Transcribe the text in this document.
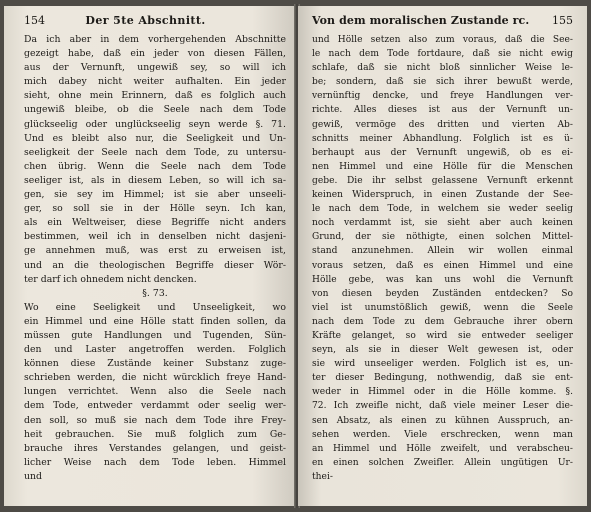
154	Der 5te Abschnitt.
Da ich aber in dem vorhergehenden Abschnitte
gezeigt habe, daß ein jeder von diesen Fällen,
aus der Vernunft, ungewiß sey, so will ich
mich dabey nicht weiter aufhalten. Ein jeder
sieht, ohne mein Erinnern, daß es folglich auch
ungewiß bleibe, ob die Seele nach dem Tode
glückseelig oder unglückseelig seyn werde §. 71.
Und es bleibt also nur, die Seeligkeit und Un-
seeligkeit der Seele nach dem Tode, zu untersu-
chen übrig. Wenn die Seele nach dem Tode
seeliger ist, als in diesem Leben, so will ich sa-
gen, sie sey im Himmel; ist sie aber unseeli-
ger, so soll sie in der Hölle seyn. Ich kan,
als ein Weltweiser, diese Begriffe nicht anders
bestimmen, weil ich in denselben nicht dasjeni-
ge annehmen muß, was erst zu erweisen ist,
und an die theologischen Begriffe dieser Wör-
ter darf ich ohnedem nicht dencken.
§. 73.
Wo eine Seeligkeit und Unseeligkeit, wo
ein Himmel und eine Hölle statt finden sollen, da
müssen gute Handlungen und Tugenden, Sün-
den und Laster angetroffen werden. Folglich
können diese Zustände keiner Substanz zuge-
schrieben werden, die nicht würcklich freye Hand-
lungen verrichtet. Wenn also die Seele nach
dem Tode, entweder verdammt oder seelig wer-
den soll, so muß sie nach dem Tode ihre Frey-
heit gebrauchen. Sie muß folglich zum Ge-
brauche ihres Verstandes gelangen, und geist-
licher Weise nach dem Tode leben. Himmel
und
Von dem moralischen Zustande rc. 155
und Hölle setzen also zum voraus, daß die See-
le nach dem Tode fortdaure, daß sie nicht ewig
schlafe, daß sie nicht bloß sinnlicher Weise le-
be; sondern, daß sie sich ihrer bewußt werde,
vernünftig dencke, und freye Handlungen ver-
richte. Alles dieses ist aus der Vernunft un-
gewiß, vermöge des dritten und vierten Ab-
schnitts meiner Abhandlung. Folglich ist es ü-
berhaupt aus der Vernunft ungewiß, ob es ei-
nen Himmel und eine Hölle für die Menschen
gebe. Die ihr selbst gelassene Vernunft erkennt
keinen Widerspruch, in einen Zustande der See-
le nach dem Tode, in welchem sie weder seelig
noch verdammt ist, sie sieht aber auch keinen
Grund, der sie nöthigte, einen solchen Mittel-
stand anzunehmen. Allein wir wollen einmal
voraus setzen, daß es einen Himmel und eine
Hölle gebe, was kan uns wohl die Vernunft
von diesen beyden Zuständen entdecken? So
viel ist unumstößlich gewiß, wenn die Seele
nach dem Tode zu dem Gebrauche ihrer obern
Kräfte gelanget, so wird sie entweder seeliger
seyn, als sie in dieser Welt gewesen ist, oder
sie wird unseeliger werden. Folglich ist es, un-
ter dieser Bedingung, nothwendig, daß sie ent-
weder in Himmel oder in die Hölle komme. §.
72. Ich zweifle nicht, daß viele meiner Leser die-
sen Absatz, als einen zu kühnen Ausspruch, an-
sehen werden. Viele erschrecken, wenn man
an Himmel und Hölle zweifelt, und verabscheu-
en einen solchen Zweifler. Allein ungütigen Ur-
thei-
